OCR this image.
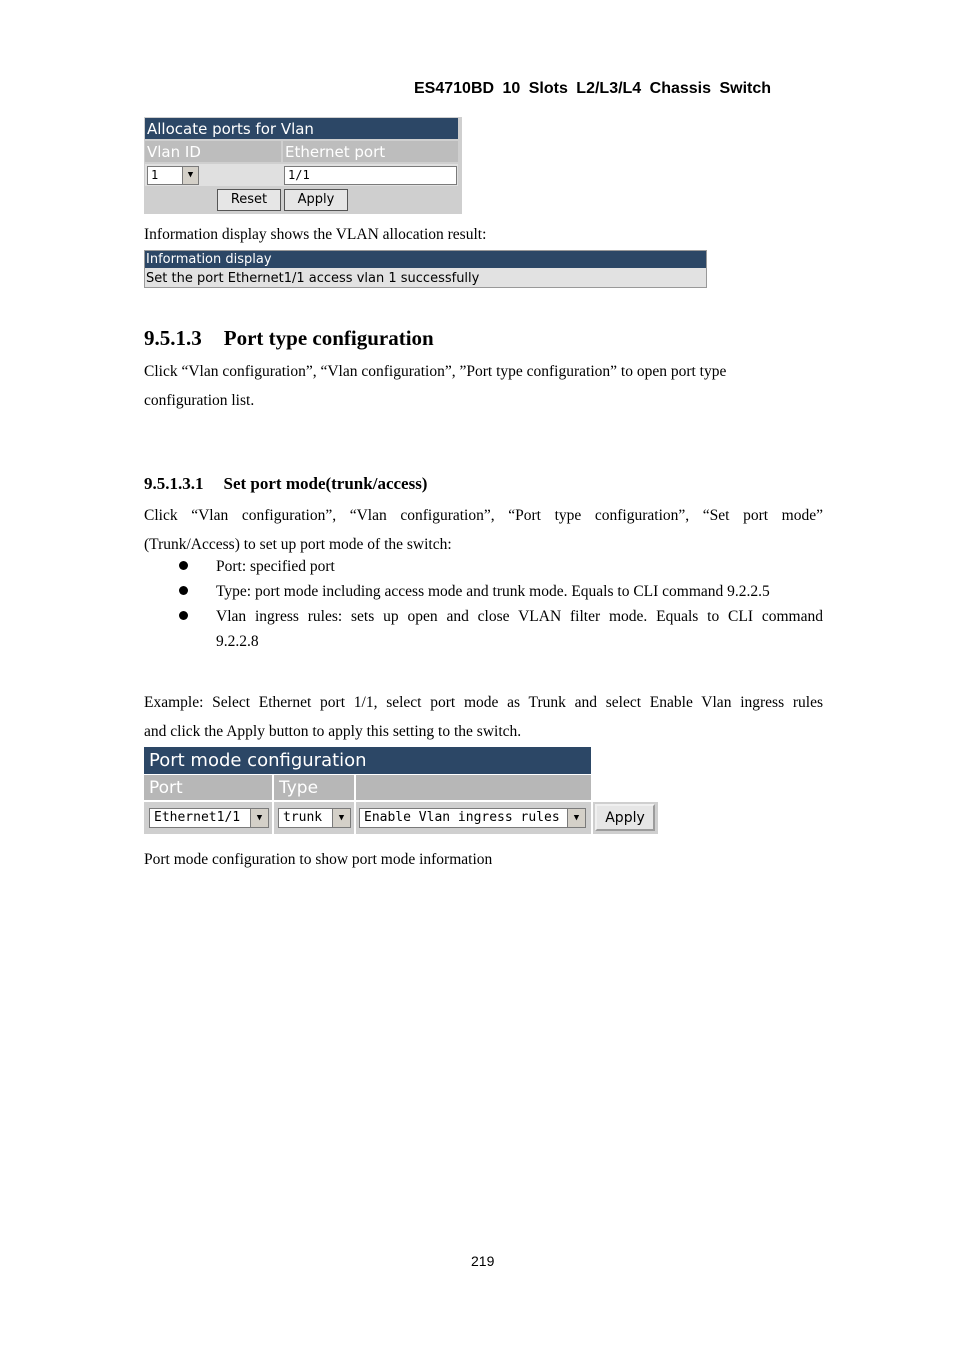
ES4710BD 10 Slots L2/L3/L4 Chassis Switch
Allocate ports for Vlan
Vlan ID	Ethernet port
1	▼	1/1
Reset	Apply
Information display shows the VLAN allocation result:
Information display
Set the port Ethernet1/1 access vlan 1 successfully
9.5.1.3 Port type configuration
Click “Vlan configuration”, “Vlan configuration”, ”Port type configuration” to open port type
configuration list.
9.5.1.3.1 Set port mode(trunk/access)
Click “Vlan configuration”, “Vlan configuration”, “Port type configuration”, “Set port mode”
(Trunk/Access) to set up port mode of the switch:
Port: specified port
Type: port mode including access mode and trunk mode. Equals to CLI command 9.2.2.5
Vlan ingress rules: sets up open and close VLAN filter mode. Equals to CLI command
9.2.2.8
Example: Select Ethernet port 1/1, select port mode as Trunk and select Enable Vlan ingress rules
and click the Apply button to apply this setting to the switch.
Port mode configuration
Port	Type
Ethernet1/1	▼	trunk	▼	Enable Vlan ingress rules	▼	Apply
Port mode configuration to show port mode information
219
